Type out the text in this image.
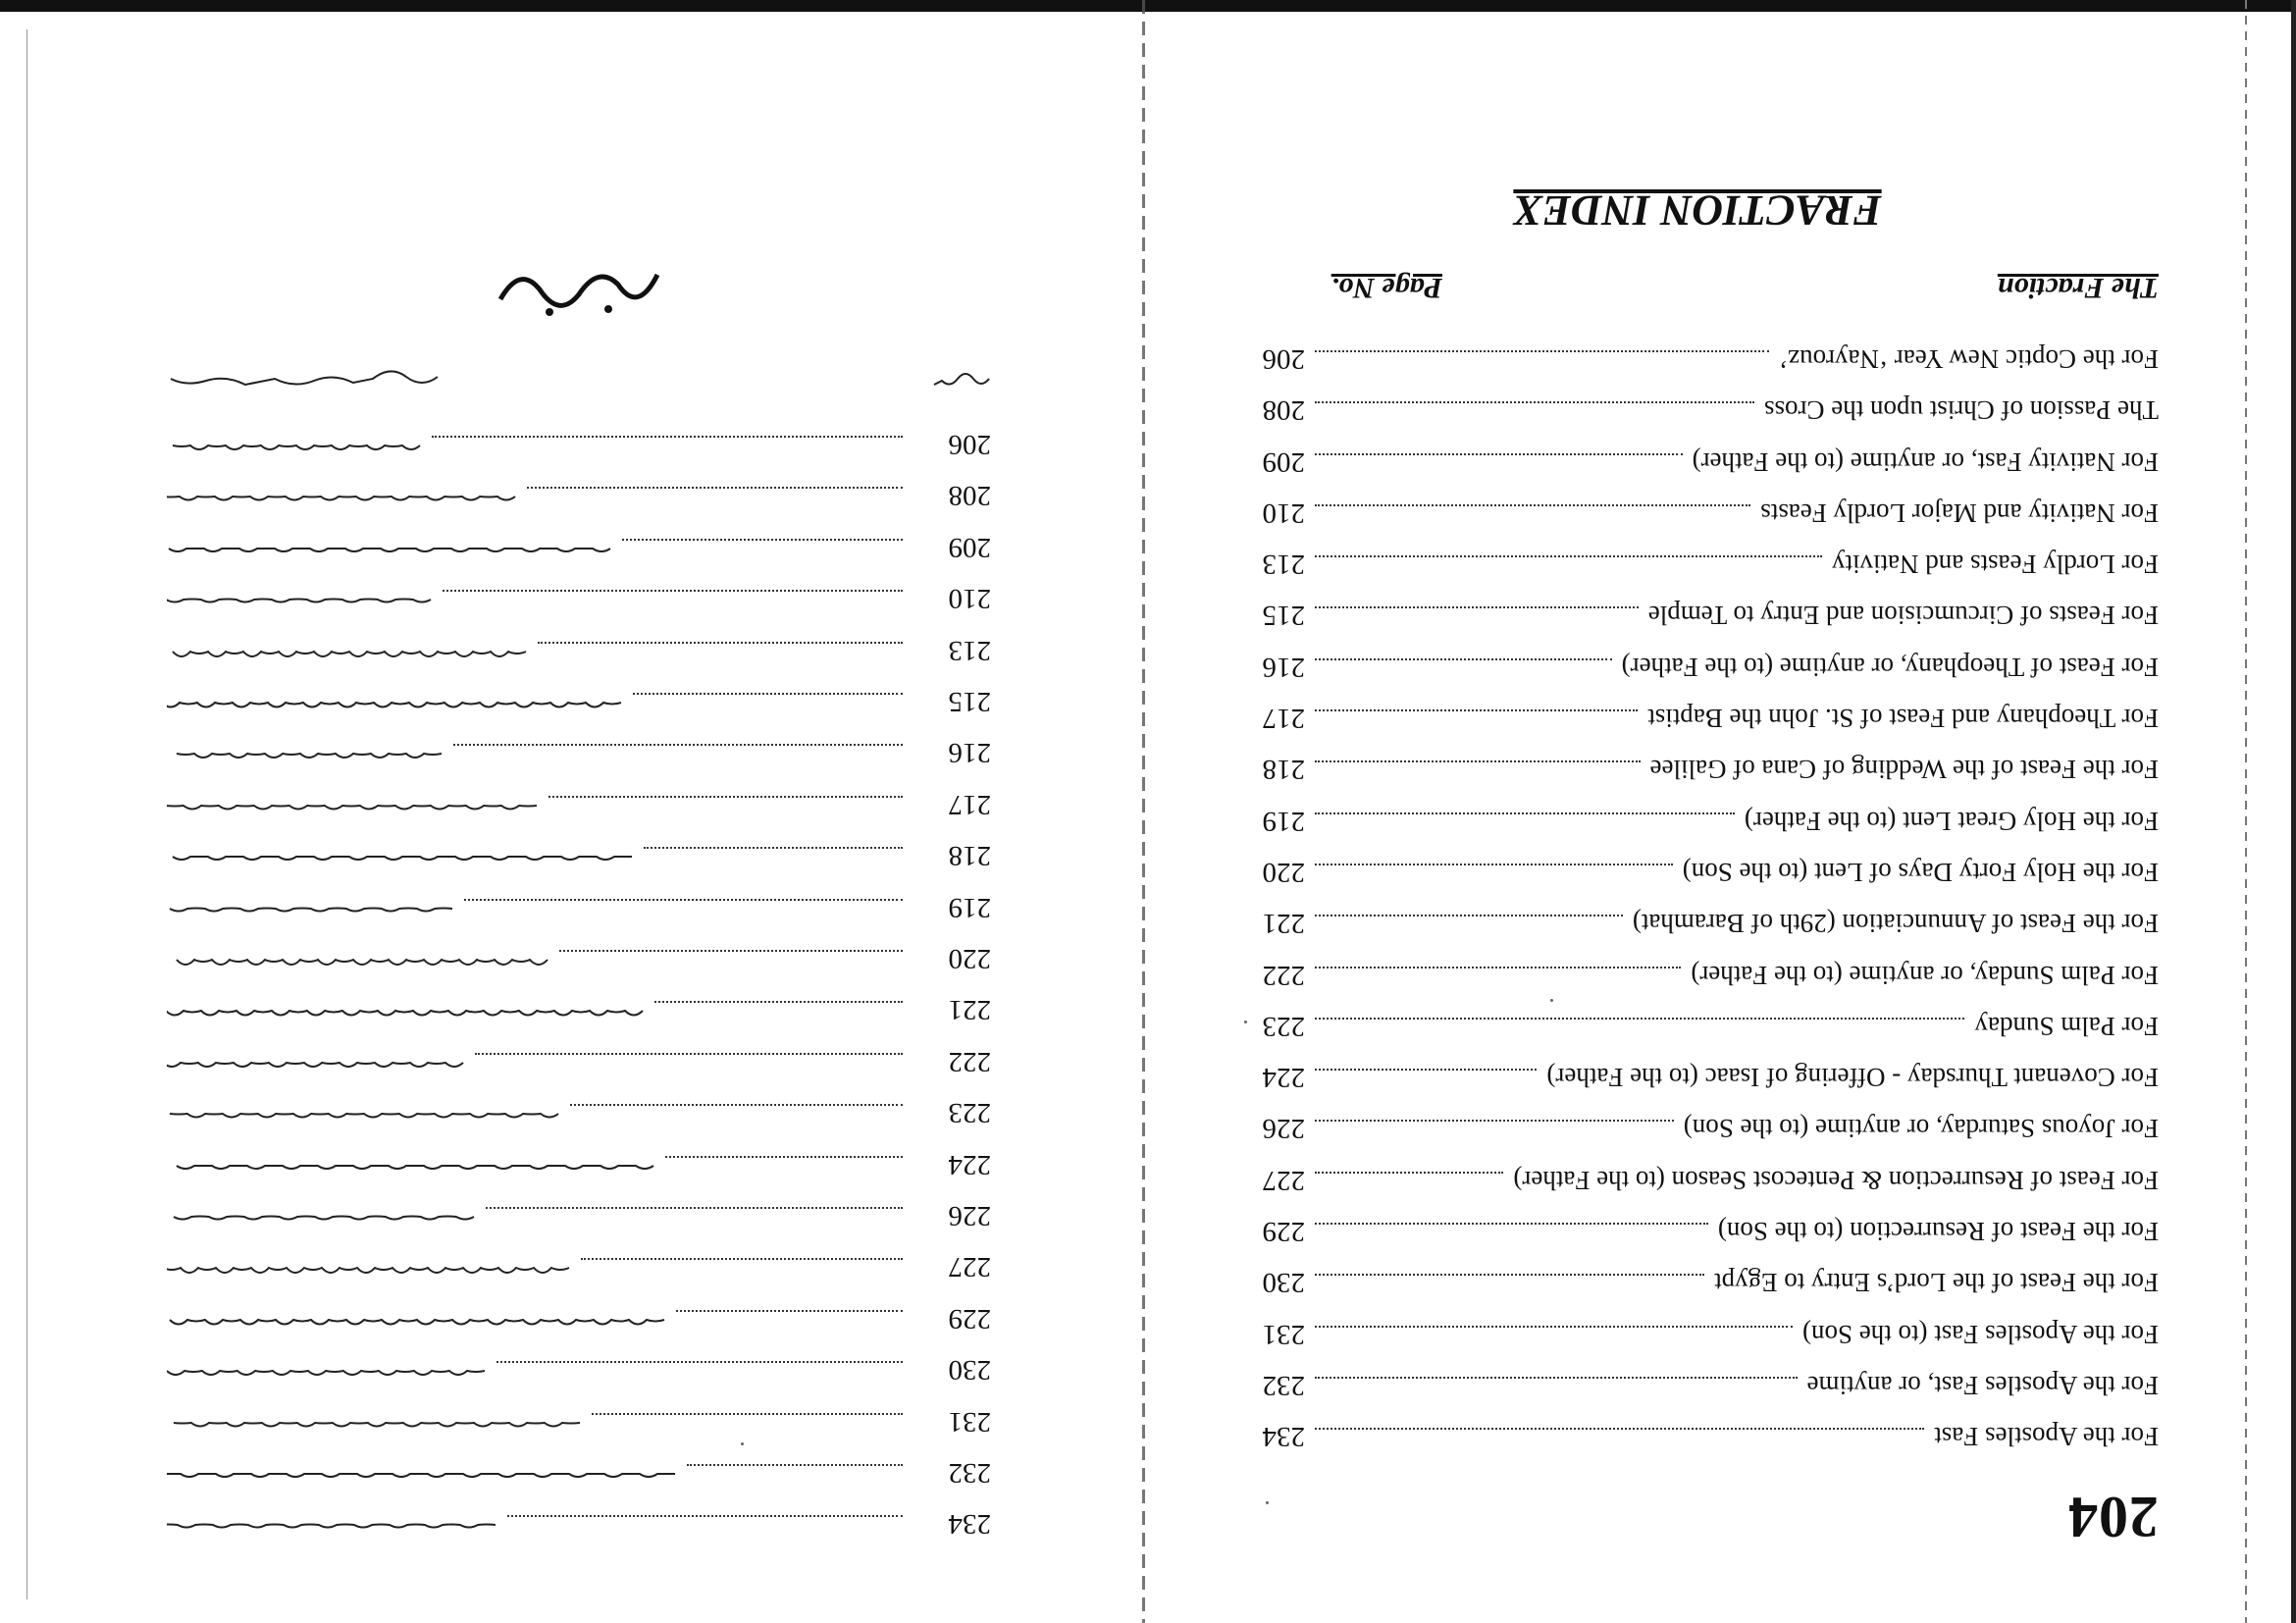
For the Coptic New Year ‘Nayrouz’
206
The Passion of Christ upon the Cross
208
For Nativity Fast, or anytime (to the Father)
209
For Nativity and Major Lordly Feasts
210
For Lordly Feasts and Nativity
213
For Feasts of Circumcision and Entry to Temple
215
For Feast of Theophany, or anytime (to the Father)
216
For Theophany and Feast of St. John the Baptist
217
For the Feast of the Wedding of Cana of Galilee
218
For the Holy Great Lent (to the Father)
219
For the Holy Forty Days of Lent (to the Son)
220
For the Feast of Annunciation (29th of Baramhat)
221
For Palm Sunday, or anytime (to the Father)
222
For Palm Sunday
223
For Covenant Thursday - Offering of Isaac (to the Father)
224
For Joyous Saturday, or anytime (to the Son)
226
For Feast of Resurrection & Pentecost Season (to the Father)
227
For the Feast of Resurrection (to the Son)
229
For the Feast of the Lord’s Entry to Egypt
230
For the Apostles Fast (to the Son)
231
For the Apostles Fast, or anytime
232
For the Apostles Fast
234
The Fraction
Page No.
FRACTION INDEX
204
206
208
209
210
213
215
216
217
218
219
220
221
222
223
224
226
227
229
230
231
232
234
